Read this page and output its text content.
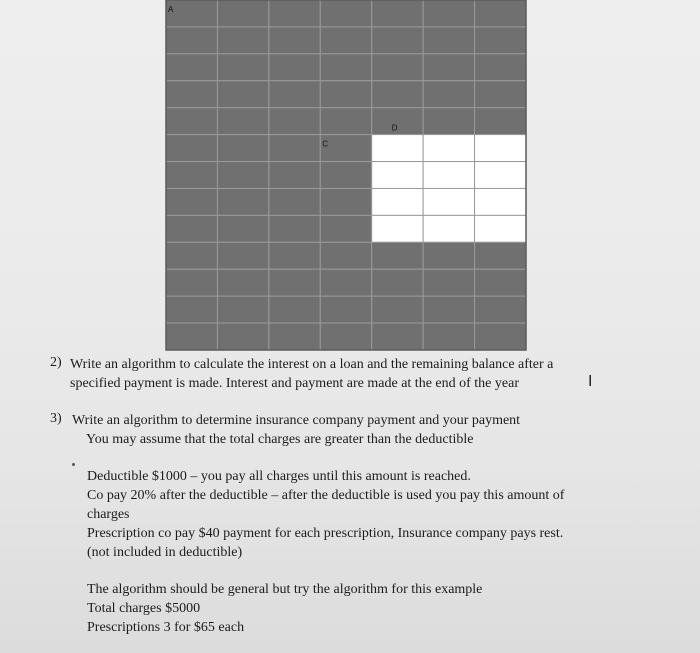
A
D
C
2) Write an algorithm to calculate the interest on a loan and the remaining balance after a
specified payment is made. Interest and payment are made at the end of the year	I
3) Write an algorithm to determine insurance company payment and your payment
You may assume that the total charges are greater than the deductible
Deductible $1000 – you pay all charges until this amount is reached.
Co pay 20% after the deductible – after the deductible is used you pay this amount of
charges
Prescription co pay $40 payment for each prescription, Insurance company pays rest.
(not included in deductible)
The algorithm should be general but try the algorithm for this example
Total charges $5000
Prescriptions 3 for $65 each
